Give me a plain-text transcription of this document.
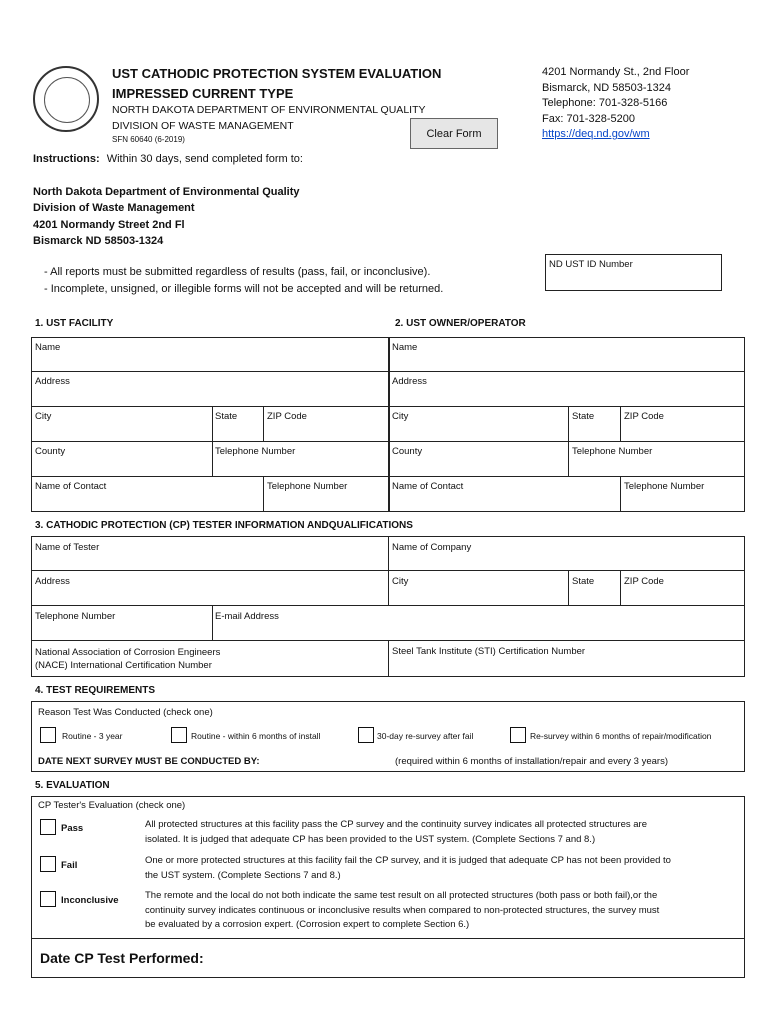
UST CATHODIC PROTECTION SYSTEM EVALUATION
IMPRESSED CURRENT TYPE
NORTH DAKOTA DEPARTMENT OF ENVIRONMENTAL QUALITY
DIVISION OF WASTE MANAGEMENT
SFN 60640 (6-2019)	Clear Form
4201 Normandy St., 2nd Floor
Bismarck, ND 58503-1324
Telephone: 701-328-5166
Fax: 701-328-5200
https://deq.nd.gov/wm
Instructions: Within 30 days, send completed form to:
North Dakota Department of Environmental Quality
Division of Waste Management
4201 Normandy Street 2nd Fl
Bismarck ND 58503-1324
- All reports must be submitted regardless of results (pass, fail, or inconclusive).
- Incomplete, unsigned, or illegible forms will not be accepted and will be returned.
ND UST ID Number
1. UST FACILITY	2. UST OWNER/OPERATOR
Name
Address
City	State	ZIP Code
County	Telephone Number
Name of Contact	Telephone Number
Name
Address
City	State	ZIP Code
County	Telephone Number
Name of Contact	Telephone Number
3. CATHODIC PROTECTION (CP) TESTER INFORMATION ANDQUALIFICATIONS
Name of Tester	Name of Company
Address	City	State	ZIP Code
Telephone Number	E-mail Address
National Association of Corrosion Engineers
(NACE) International Certification Number
Steel Tank Institute (STI) Certification Number
4. TEST REQUIREMENTS
Reason Test Was Conducted (check one)
Routine - 3 year	Routine - within 6 months of install	30-day re-survey after fail	Re-survey within 6 months of repair/modification
DATE NEXT SURVEY MUST BE CONDUCTED BY:	(required within 6 months of installation/repair and every 3 years)
5. EVALUATION
CP Tester's Evaluation (check one)
Pass	All protected structures at this facility pass the CP survey and the continuity survey indicates all protected structures are
isolated. It is judged that adequate CP has been provided to the UST system. (Complete Sections 7 and 8.)
Fail	One or more protected structures at this facility fail the CP survey, and it is judged that adequate CP has not been provided to
the UST system. (Complete Sections 7 and 8.)
Inconclusive	The remote and the local do not both indicate the same test result on all protected structures (both pass or both fail),or the
continuity survey indicates continuous or inconclusive results when compared to non-protected structures, the survey must
be evaluated by a corrosion expert. (Corrosion expert to complete Section 6.)
Date CP Test Performed:
